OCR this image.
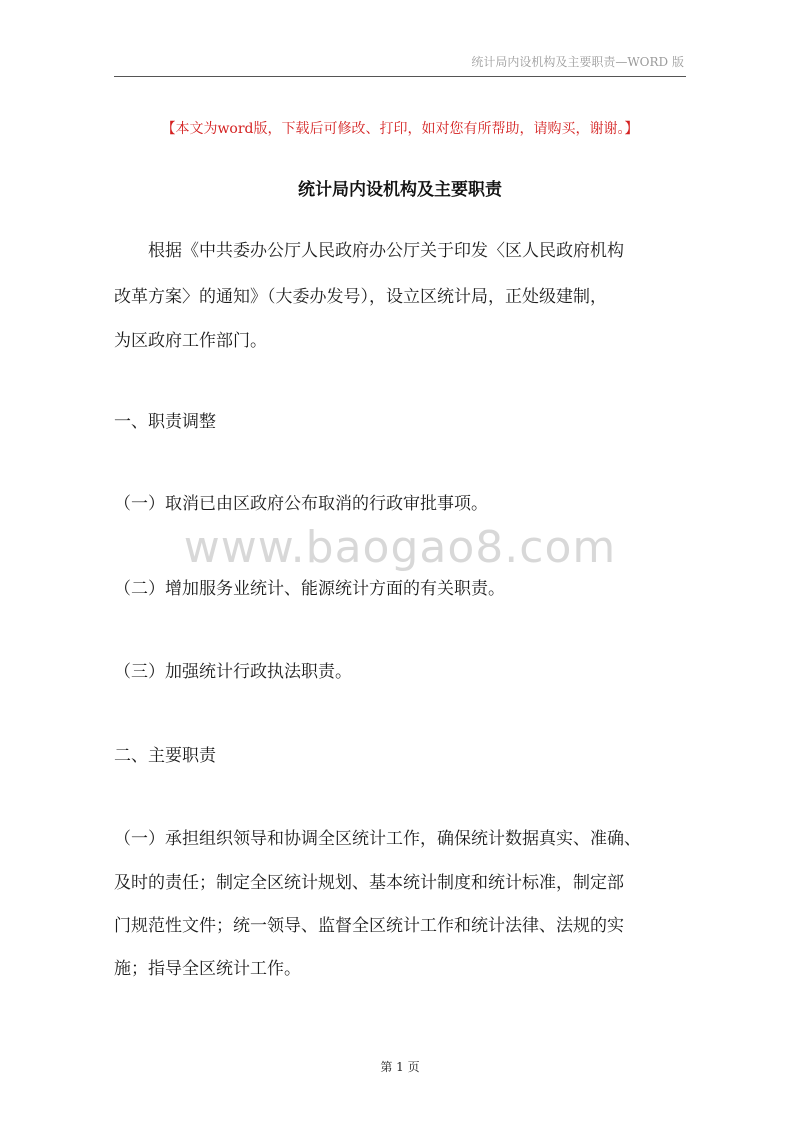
统计局内设机构及主要职责—WORD 版
【本文为word版，下载后可修改、打印，如对您有所帮助，请购买，谢谢。】
统计局内设机构及主要职责
　　根据《中共委办公厅人民政府办公厅关于印发〈区人民政府机构
改革方案〉的通知》（大委办发号），设立区统计局，正处级建制，
为区政府工作部门。
一、职责调整
（一）取消已由区政府公布取消的行政审批事项。
www.baogao8.com
（二）增加服务业统计、能源统计方面的有关职责。
（三）加强统计行政执法职责。
二、主要职责
（一）承担组织领导和协调全区统计工作，确保统计数据真实、准确、
及时的责任；制定全区统计规划、基本统计制度和统计标准，制定部
门规范性文件；统一领导、监督全区统计工作和统计法律、法规的实
施；指导全区统计工作。
第 1 页
